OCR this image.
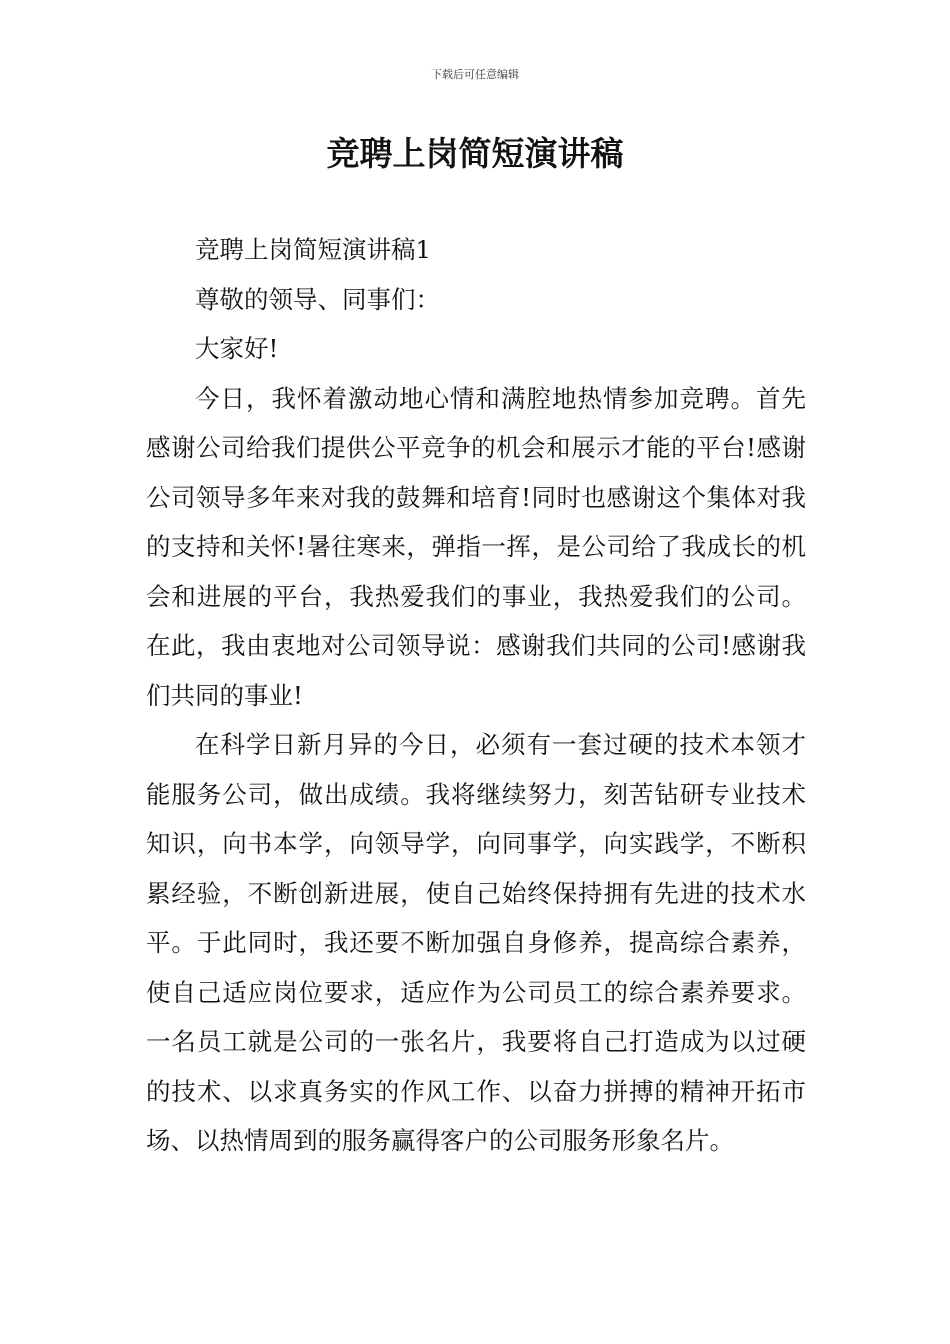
下载后可任意编辑
竞聘上岗简短演讲稿

竞聘上岗简短演讲稿1

尊敬的领导、同事们：

大家好!

今日，我怀着激动地心情和满腔地热情参加竞聘。首先感谢公司给我们提供公平竞争的机会和展示才能的平台!感谢公司领导多年来对我的鼓舞和培育!同时也感谢这个集体对我的支持和关怀!暑往寒来，弹指一挥，是公司给了我成长的机会和进展的平台，我热爱我们的事业，我热爱我们的公司。在此，我由衷地对公司领导说：感谢我们共同的公司!感谢我们共同的事业!

在科学日新月异的今日，必须有一套过硬的技术本领才能服务公司，做出成绩。我将继续努力，刻苦钻研专业技术知识，向书本学，向领导学，向同事学，向实践学，不断积累经验，不断创新进展，使自己始终保持拥有先进的技术水平。于此同时，我还要不断加强自身修养，提高综合素养，使自己适应岗位要求，适应作为公司员工的综合素养要求。一名员工就是公司的一张名片，我要将自己打造成为以过硬的技术、以求真务实的作风工作、以奋力拼搏的精神开拓市场、以热情周到的服务赢得客户的公司服务形象名片。
